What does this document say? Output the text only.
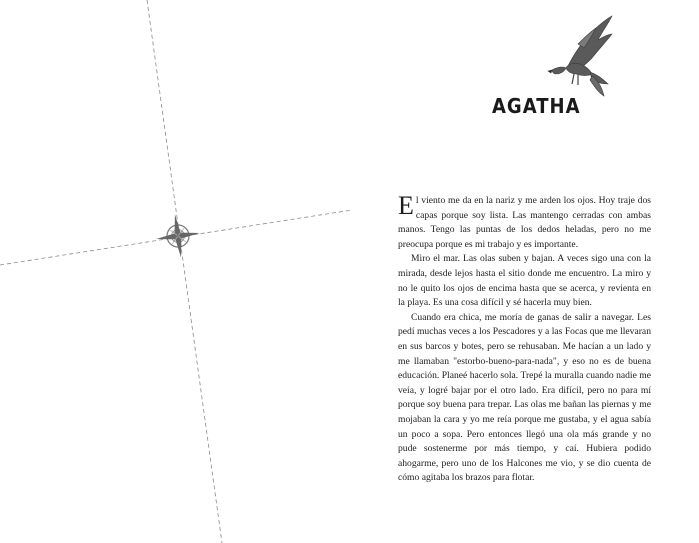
AGATHA

El viento me da en la nariz y me arden los ojos. Hoy traje dos capas porque soy lista. Las mantengo cerradas con ambas manos. Tengo las puntas de los dedos heladas, pero no me preocupa porque es mi trabajo y es importante.

Miro el mar. Las olas suben y bajan. A veces sigo una con la mirada, desde lejos hasta el sitio donde me encuentro. La miro y no le quito los ojos de encima hasta que se acerca, y revienta en la playa. Es una cosa difícil y sé hacerla muy bien.

Cuando era chica, me moría de ganas de salir a navegar. Les pedí muchas veces a los Pescadores y a las Focas que me llevaran en sus barcos y botes, pero se rehusaban. Me hacían a un lado y me llamaban "estorbo-bueno-para-nada", y eso no es de buena educación. Planeé hacerlo sola. Trepé la muralla cuando nadie me veía, y logré bajar por el otro lado. Era difícil, pero no para mí porque soy buena para trepar. Las olas me bañan las piernas y me mojaban la cara y yo me reía porque me gustaba, y el agua sabía un poco a sopa. Pero entonces llegó una ola más grande y no pude sostenerme por más tiempo, y caí. Hubiera podido ahogarme, pero uno de los Halcones me vio, y se dio cuenta de cómo agitaba los brazos para flotar.
